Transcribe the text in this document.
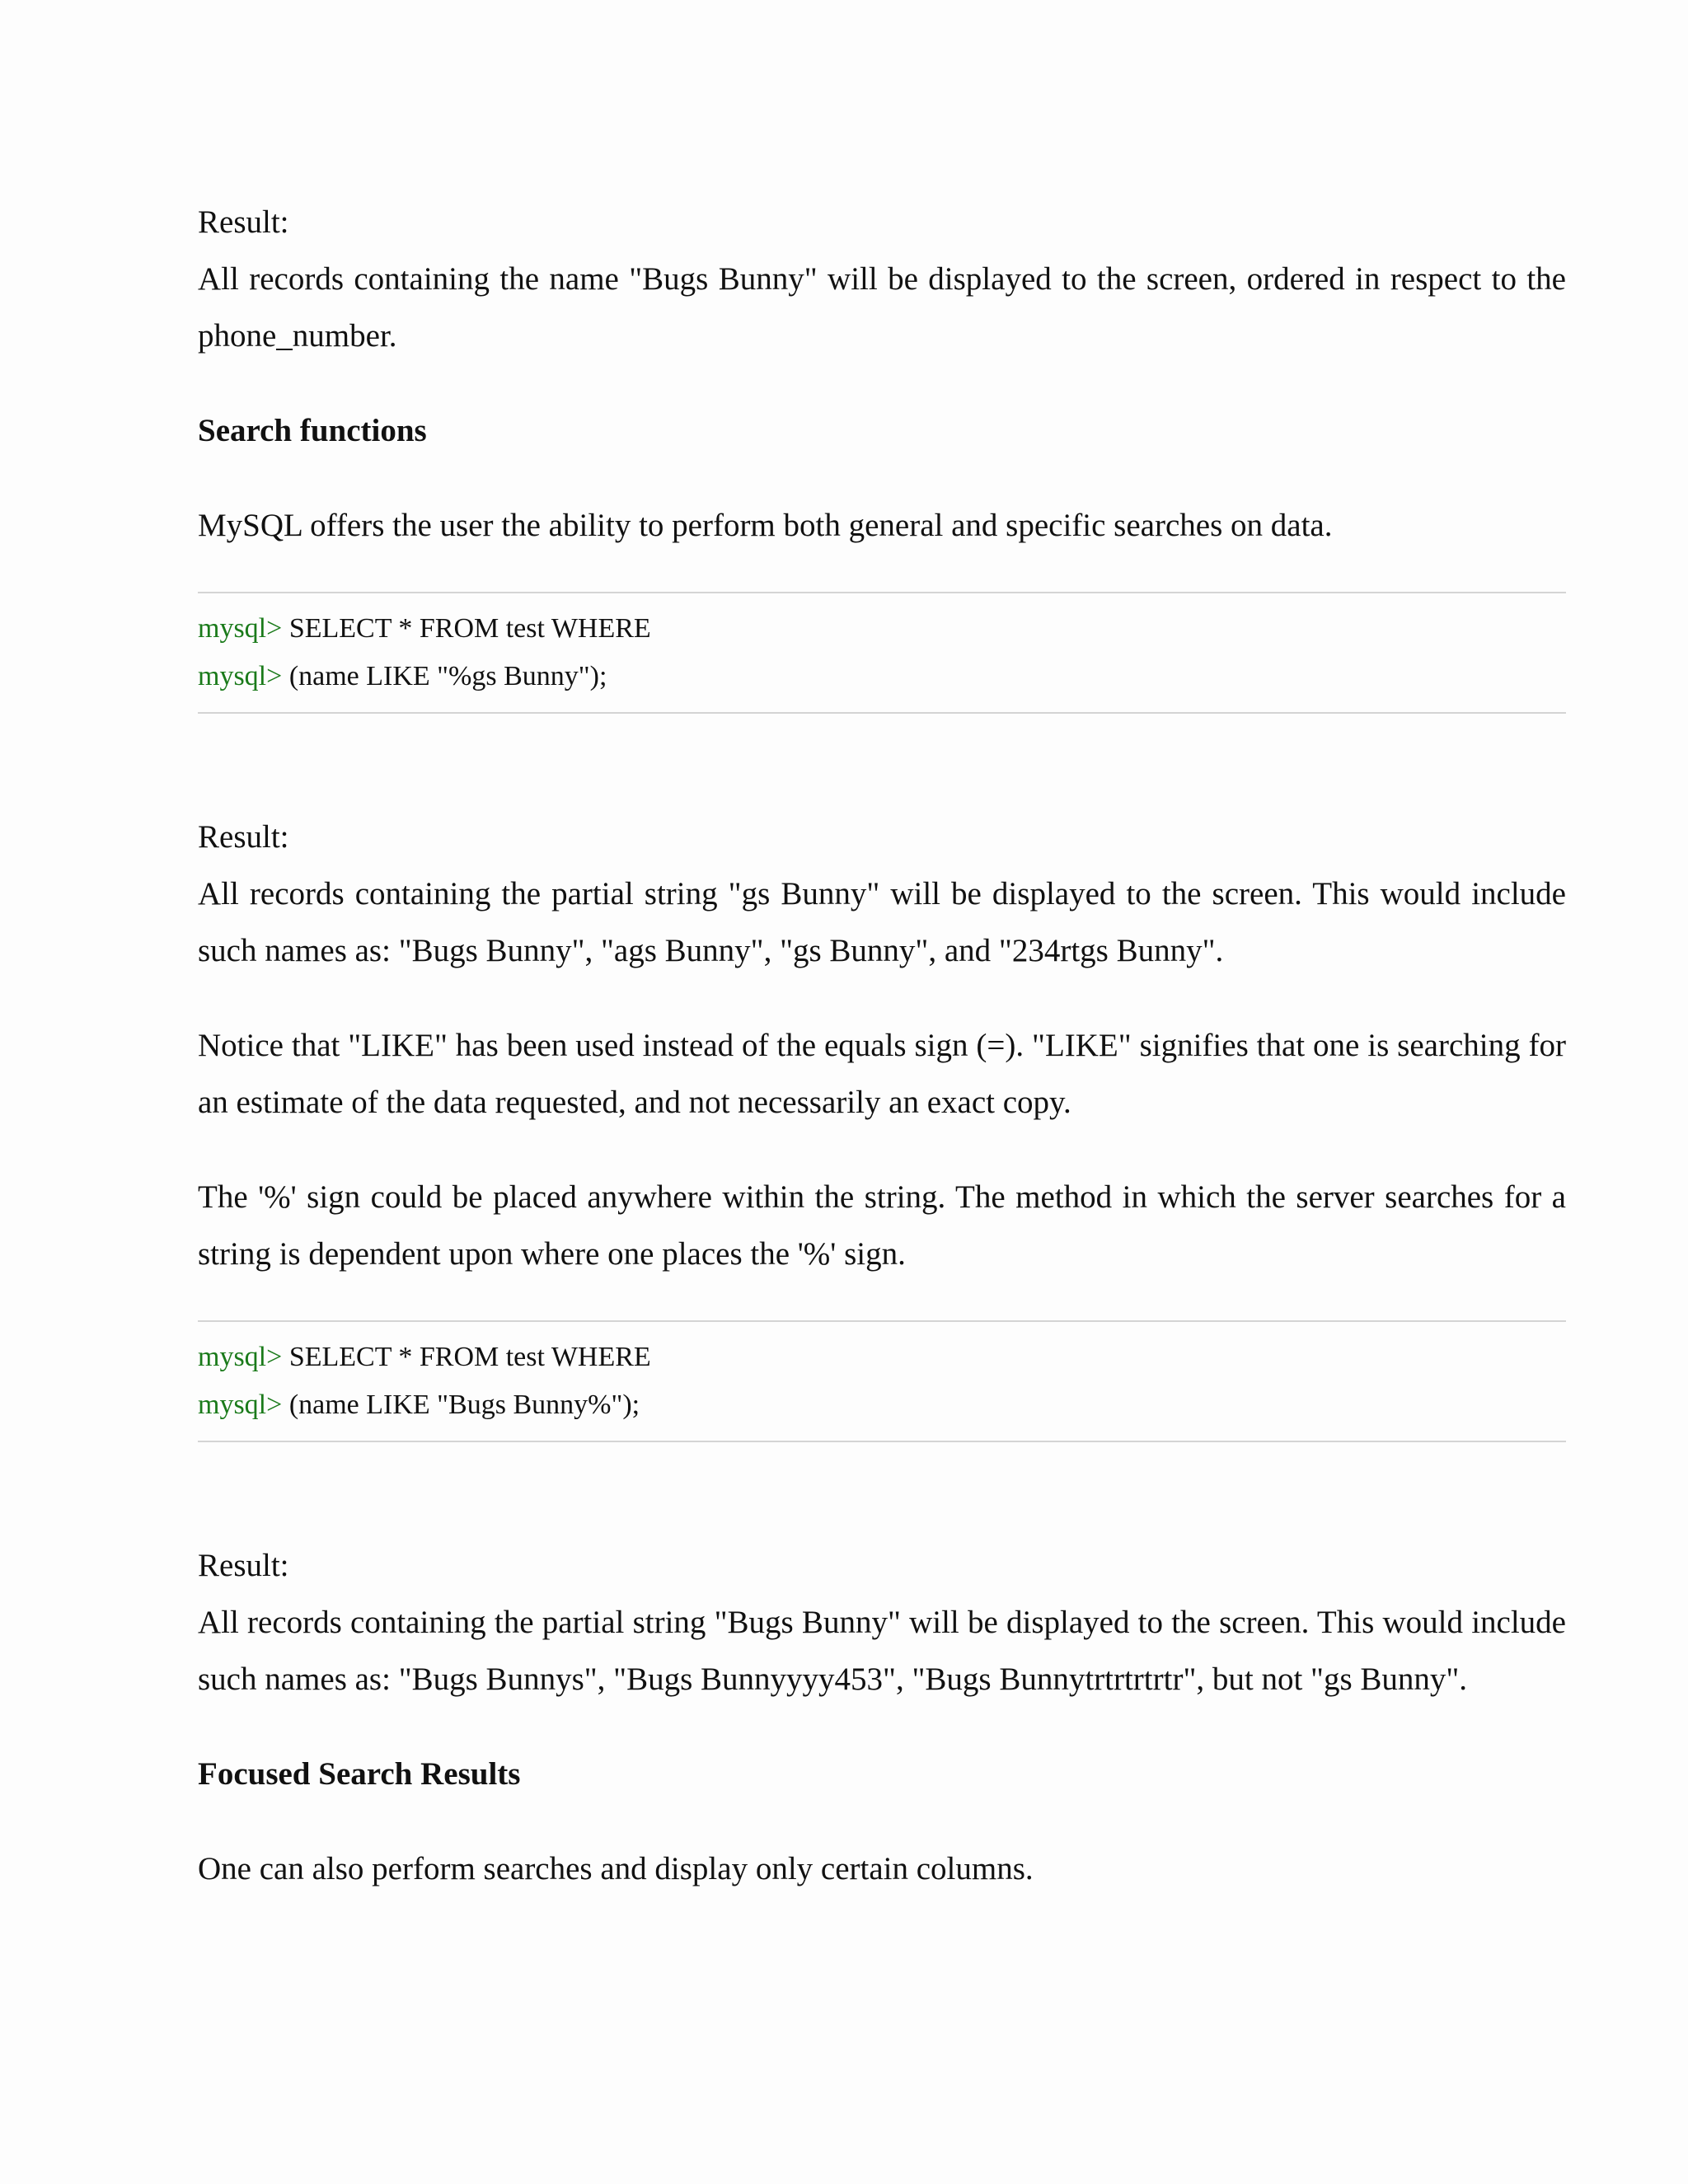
Result:

All records containing the name "Bugs Bunny" will be displayed to the screen, ordered in respect to the phone_number.

Search functions

MySQL offers the user the ability to perform both general and specific searches on data.

mysql> SELECT * FROM test WHERE
mysql> (name LIKE "%gs Bunny");

Result:

All records containing the partial string "gs Bunny" will be displayed to the screen. This would include such names as: "Bugs Bunny", "ags Bunny", "gs Bunny", and "234rtgs Bunny".

Notice that "LIKE" has been used instead of the equals sign (=). "LIKE" signifies that one is searching for an estimate of the data requested, and not necessarily an exact copy.

The '%' sign could be placed anywhere within the string. The method in which the server searches for a string is dependent upon where one places the '%' sign.

mysql> SELECT * FROM test WHERE
mysql> (name LIKE "Bugs Bunny%");

Result:

All records containing the partial string "Bugs Bunny" will be displayed to the screen. This would include such names as: "Bugs Bunnys", "Bugs Bunnyyyy453", "Bugs Bunnytrtrtrtrtr", but not "gs Bunny".

Focused Search Results

One can also perform searches and display only certain columns.
